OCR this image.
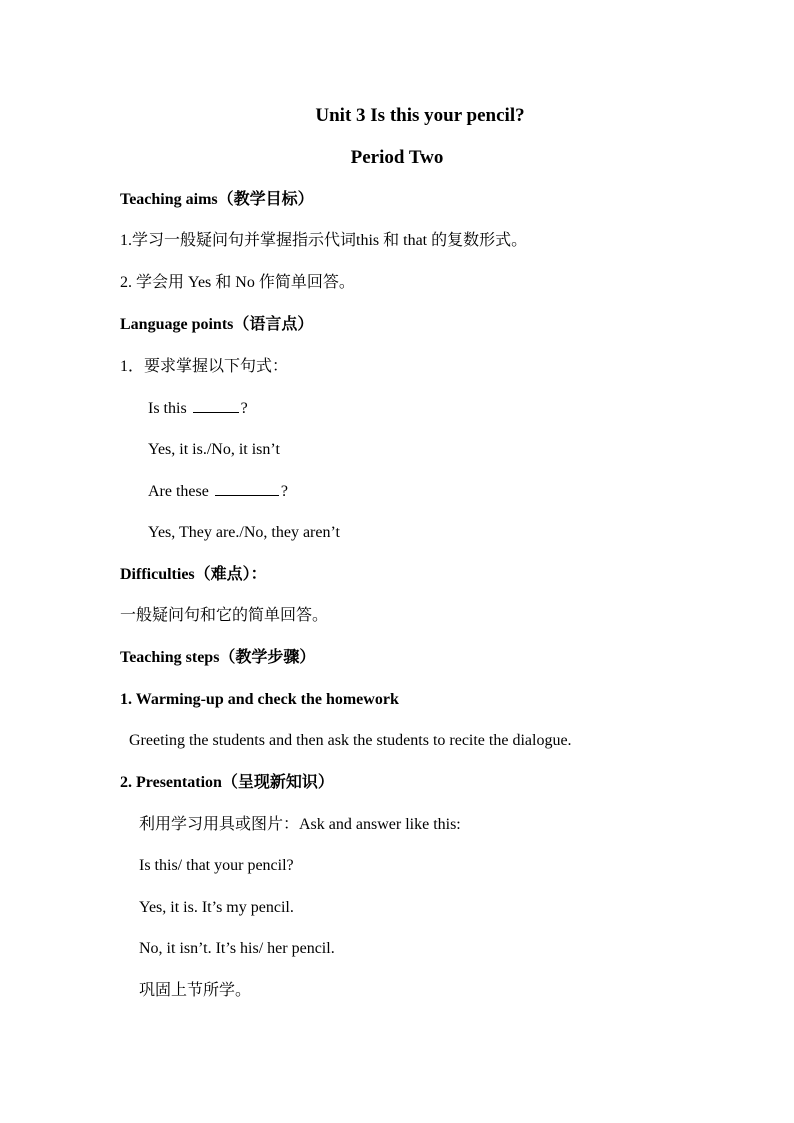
Unit 3 Is this your pencil?
Period Two
Teaching aims（教学目标）
1.学习一般疑问句并掌握指示代词this 和 that 的复数形式。
2. 学会用 Yes 和 No 作简单回答。
Language points（语言点）
1．要求掌握以下句式：
Is this	?
Yes, it is./No, it isn’t
Are these	?
Yes, They are./No, they aren’t
Difficulties（难点）：
一般疑问句和它的简单回答。
Teaching steps（教学步骤）
1. Warming-up and check the homework
Greeting the students and then ask the students to recite the dialogue.
2. Presentation（呈现新知识）
利用学习用具或图片：Ask and answer like this:
Is this/ that your pencil?
Yes, it is. It’s my pencil.
No, it isn’t. It’s his/ her pencil.
巩固上节所学。
